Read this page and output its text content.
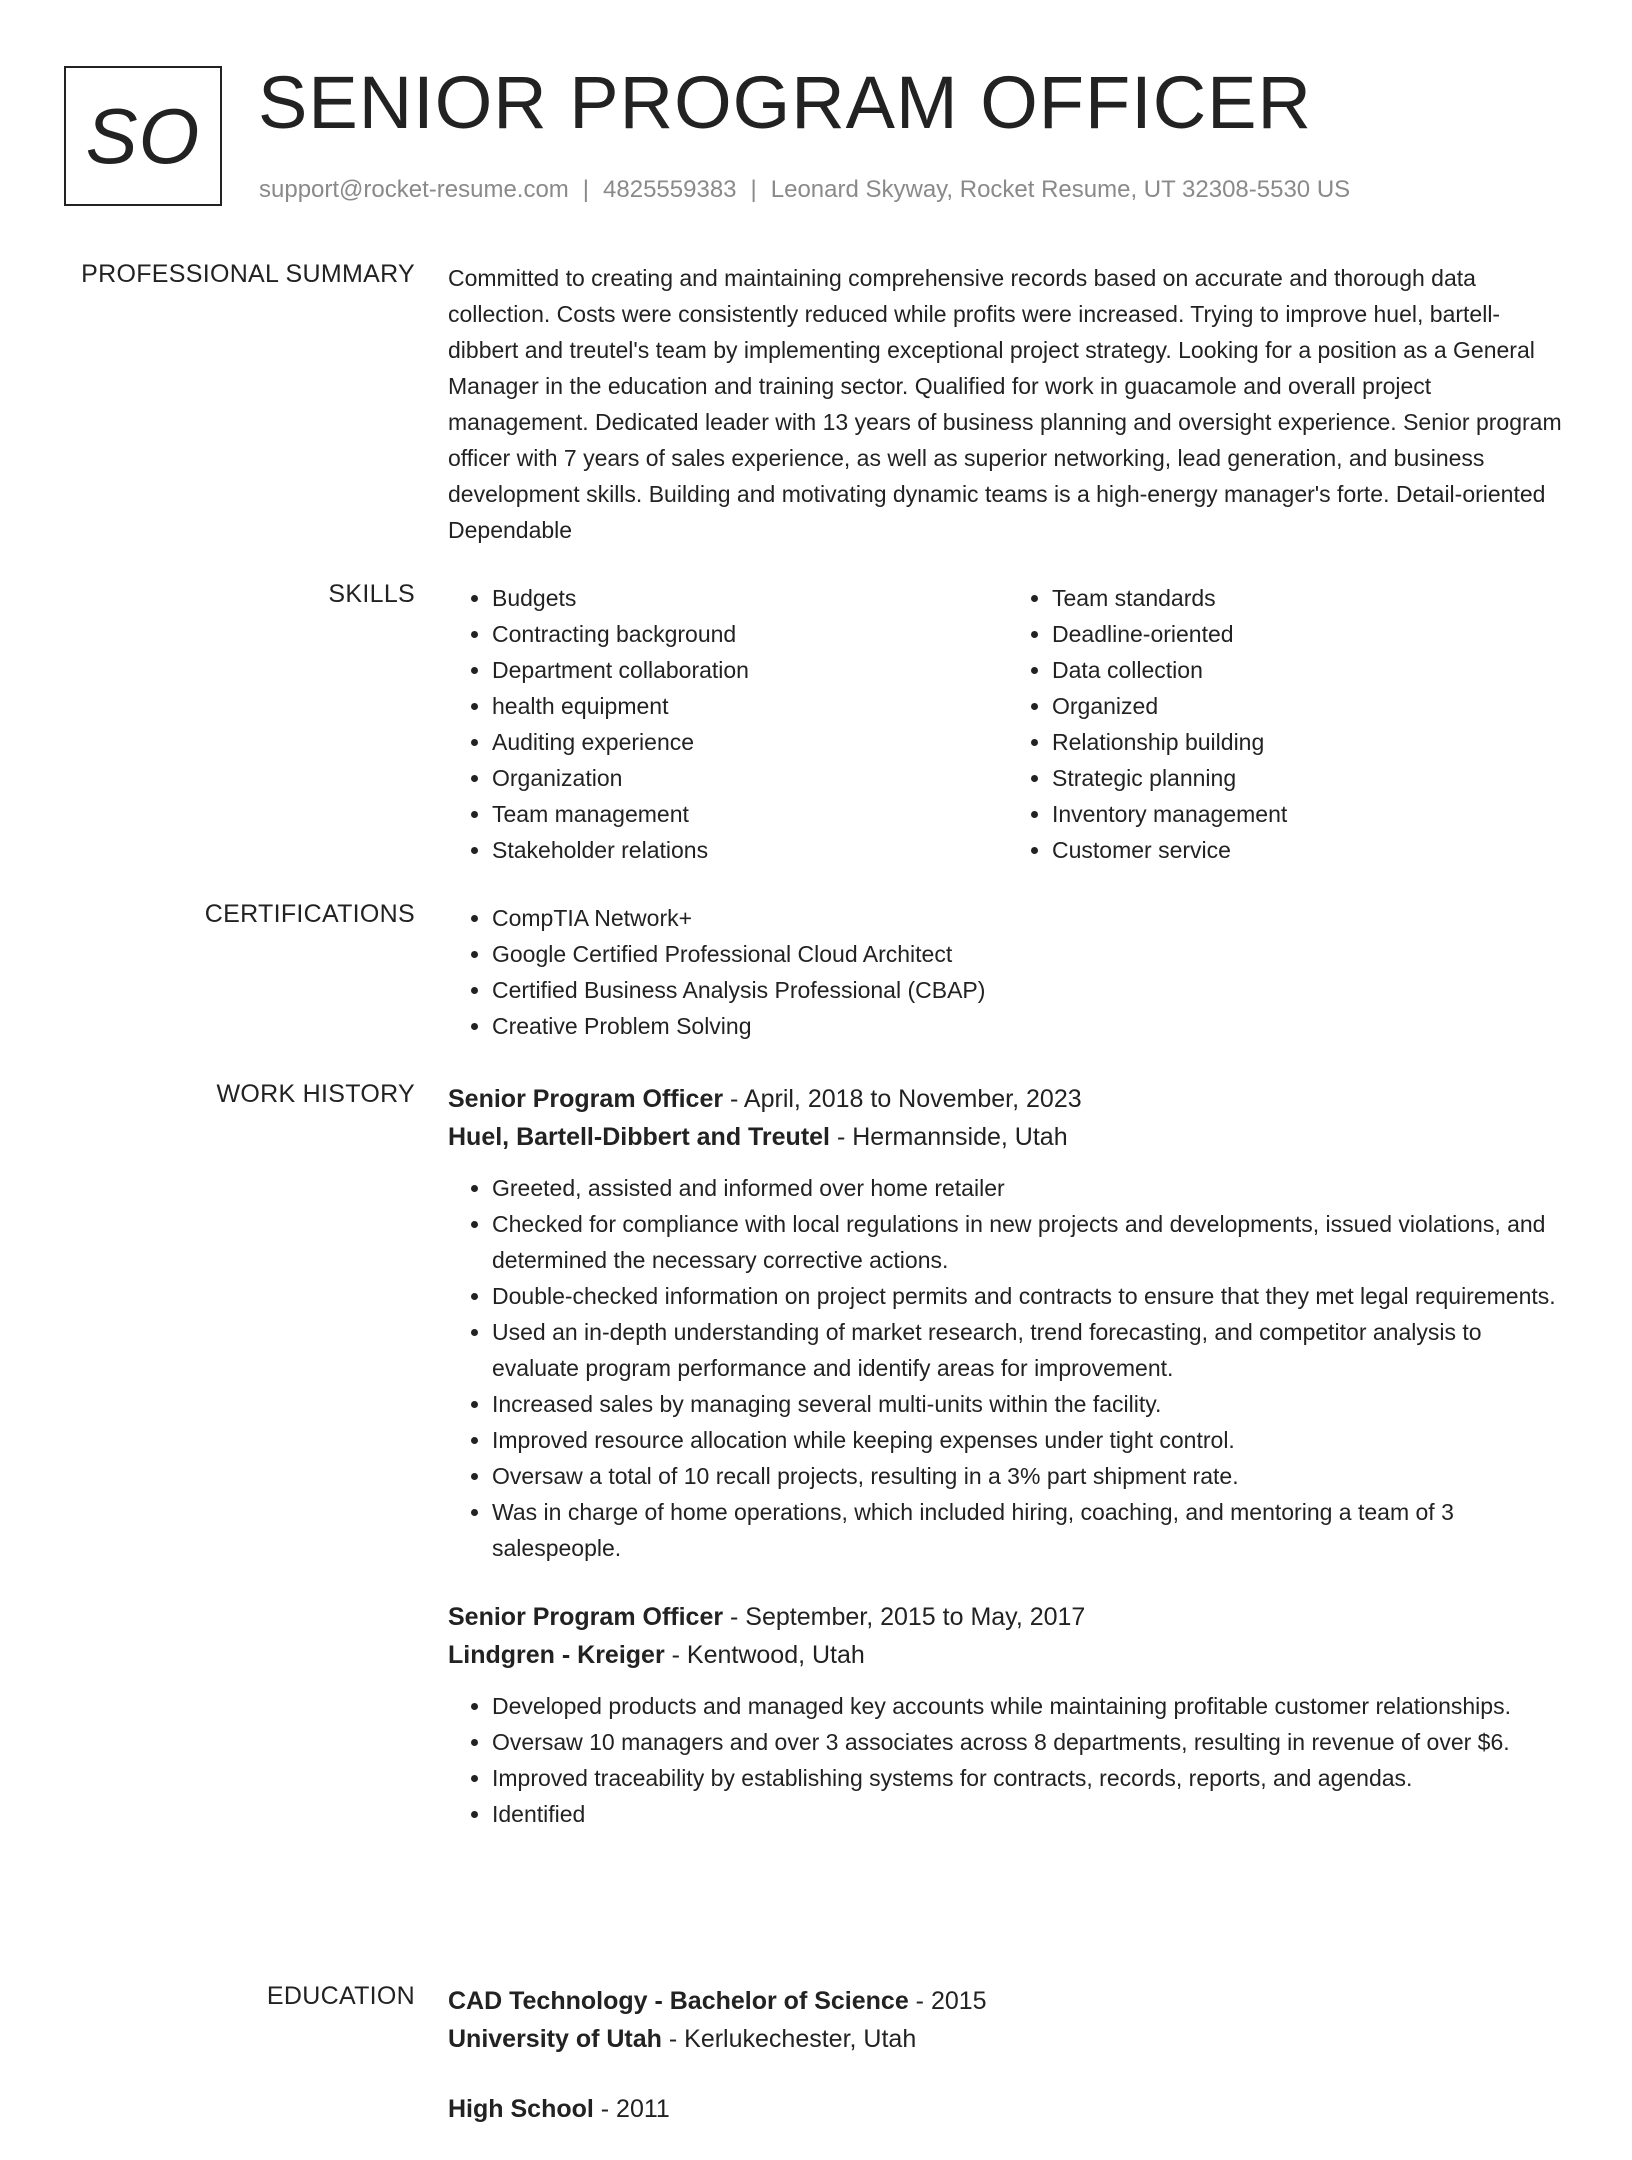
SO SENIOR PROGRAM OFFICER
support@rocket-resume.com | 4825559383 | Leonard Skyway, Rocket Resume, UT 32308-5530 US
PROFESSIONAL SUMMARY Committed to creating and maintaining comprehensive records based on accurate and thorough data collection. Costs were consistently reduced while profits were increased. Trying to improve huel, bartell-dibbert and treutel's team by implementing exceptional project strategy. Looking for a position as a General Manager in the education and training sector. Qualified for work in guacamole and overall project management. Dedicated leader with 13 years of business planning and oversight experience. Senior program officer with 7 years of sales experience, as well as superior networking, lead generation, and business development skills. Building and motivating dynamic teams is a high-energy manager's forte. Detail-oriented Dependable

SKILLS	• Budgets
• Contracting background
• Department collaboration
• health equipment
• Auditing experience
• Organization
• Team management
• Stakeholder relations
• Team standards
• Deadline-oriented
• Data collection
• Organized
• Relationship building
• Strategic planning
• Inventory management
• Customer service
CERTIFICATIONS	• CompTIA Network+
• Google Certified Professional Cloud Architect
• Certified Business Analysis Professional (CBAP)
• Creative Problem Solving
WORK HISTORY Senior Program Officer - April, 2018 to November, 2023
Huel, Bartell-Dibbert and Treutel - Hermannside, Utah
• Greeted, assisted and informed over home retailer
• Checked for compliance with local regulations in new projects and developments, issued violations, and determined the necessary corrective actions.
• Double-checked information on project permits and contracts to ensure that they met legal requirements.
• Used an in-depth understanding of market research, trend forecasting, and competitor analysis to evaluate program performance and identify areas for improvement.
• Increased sales by managing several multi-units within the facility.
• Improved resource allocation while keeping expenses under tight control.
• Oversaw a total of 10 recall projects, resulting in a 3% part shipment rate.
• Was in charge of home operations, which included hiring, coaching, and mentoring a team of 3 salespeople.
Senior Program Officer - September, 2015 to May, 2017
Lindgren - Kreiger - Kentwood, Utah
• Developed products and managed key accounts while maintaining profitable customer relationships.
• Oversaw 10 managers and over 3 associates across 8 departments, resulting in revenue of over $6.
• Improved traceability by establishing systems for contracts, records, reports, and agendas.
• Identified
EDUCATION CAD Technology - Bachelor of Science - 2015
University of Utah - Kerlukechester, Utah
High School - 2011
